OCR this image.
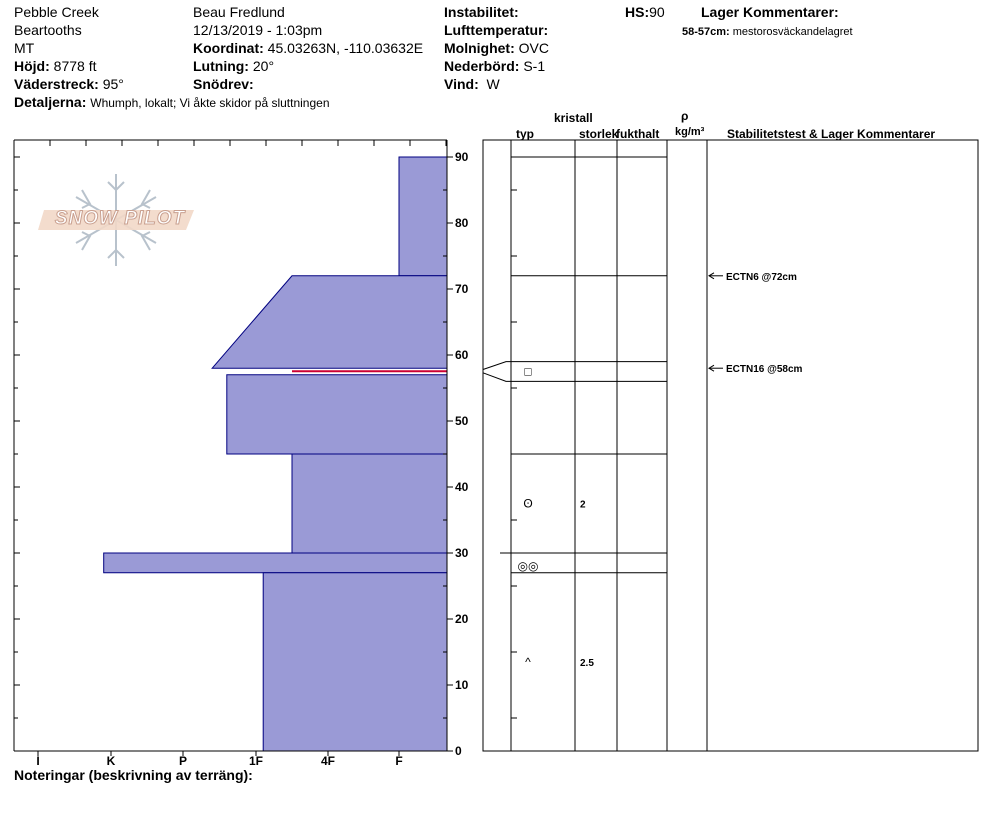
Pebble Creek
Beartooths
MT
Höjd: 8778 ft
Väderstreck: 95°
Detaljerna: Whumph, lokalt; Vi åkte skidor på sluttningen
Beau Fredlund
12/13/2019 - 1:03pm
Koordinat: 45.03263N, -110.03632E
Lutning: 20°
Snödrev:
Instabilitet:
Lufttemperatur:
Molnighet: OVC
Nederbörd: S-1
Vind: W
HS:90	Lager Kommentarer:
58-57cm: mestorosväckandelagret
kristall
typ	storlek
fukthalt
ρ
kg/m³ Stabilitetstest & Lager Kommentarer
SNOW PILOT
I	K	P	1F	4F	F
0
10
20
30
40
50
60
70
80
90
□
ʘ	2
◎◎
^	2.5
ECTN6 @72cm
ECTN16 @58cm
Noteringar (beskrivning av terräng):
